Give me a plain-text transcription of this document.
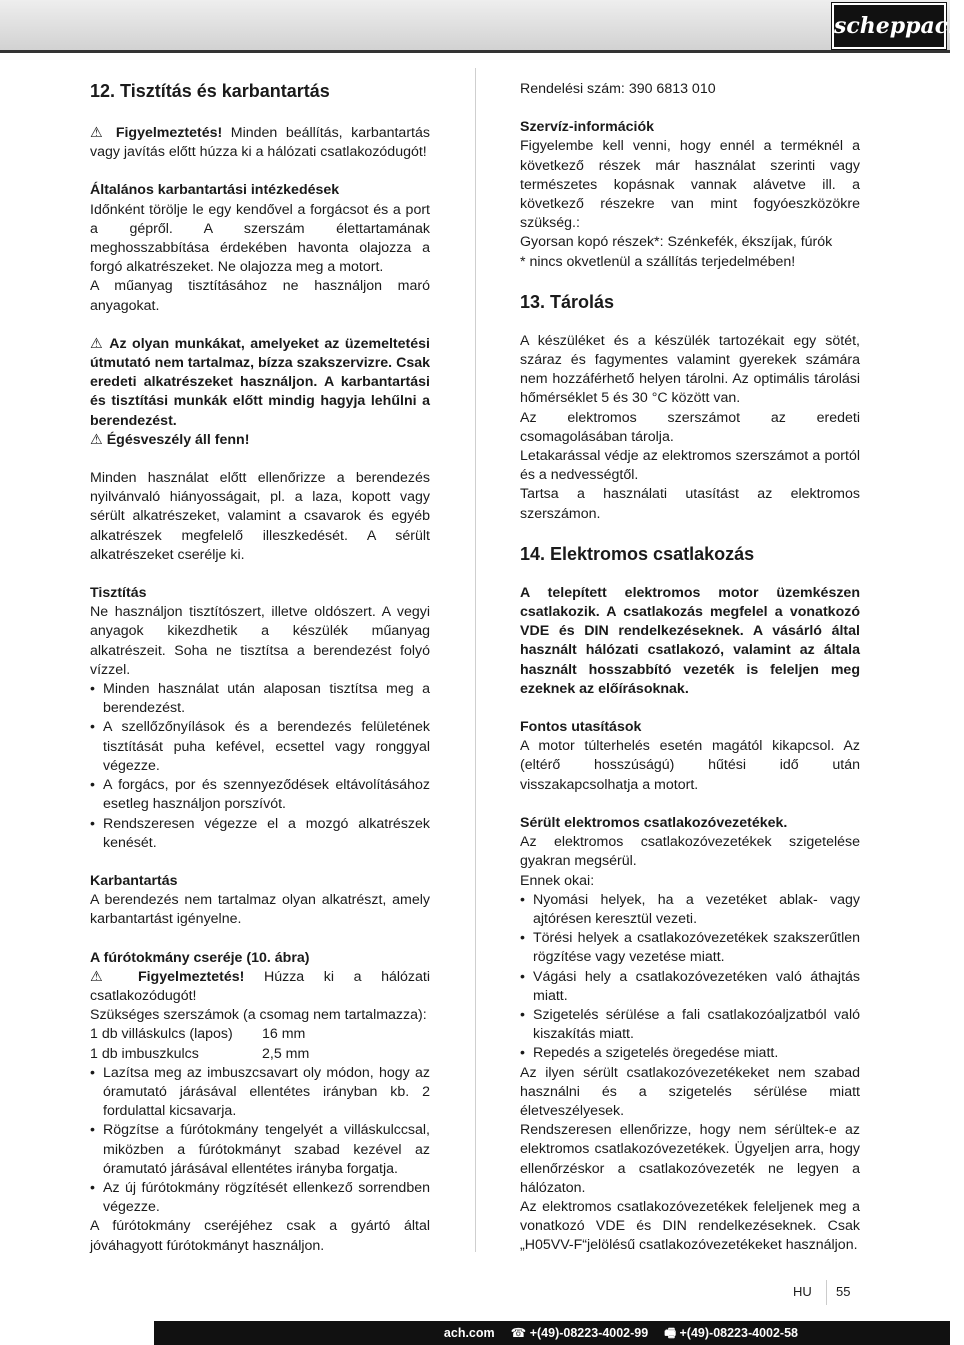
scheppach
12. Tisztítás és karbantartás

⚠ Figyelmeztetés! Minden beállítás, karbantartás vagy javítás előtt húzza ki a hálózati csatlakozódugót!

Általános karbantartási intézkedések

Időnként törölje le egy kendővel a forgácsot és a port a gépről. A szerszám élettartamának meghosszabbítása érdekében havonta olajozza a forgó alkatrészeket. Ne olajozza meg a motort.

A műanyag tisztításához ne használjon maró anyagokat.

⚠ Az olyan munkákat, amelyeket az üzemeltetési útmutató nem tartalmaz, bízza szakszervizre. Csak eredeti alkatrészeket használjon. A karbantartási és tisztítási munkák előtt mindig hagyja lehűlni a berendezést.

⚠ Égésveszély áll fenn!

Minden használat előtt ellenőrizze a berendezés nyilvánvaló hiányosságait, pl. a laza, kopott vagy sérült alkatrészeket, valamint a csavarok és egyéb alkatrészek megfelelő illeszkedését. A sérült alkatrészeket cserélje ki.

Tisztítás

Ne használjon tisztítószert, illetve oldószert. A vegyi anyagok kikezdhetik a készülék műanyag alkatrészeit. Soha ne tisztítsa a berendezést folyó vízzel.

• Minden használat után alaposan tisztítsa meg a berendezést.
• A szellőzőnyílások és a berendezés felületének tisztítását puha kefével, ecsettel vagy ronggyal végezze.
• A forgács, por és szennyeződések eltávolításához esetleg használjon porszívót.
• Rendszeresen végezze el a mozgó alkatrészek kenését.

Karbantartás

A berendezés nem tartalmaz olyan alkatrészt, amely karbantartást igényelne.

A fúrótokmány cseréje (10. ábra)

⚠ Figyelmeztetés! Húzza ki a hálózati csatlakozódugót!

Szükséges szerszámok (a csomag nem tartalmazza):

1 db villáskulcs (lapos)	16 mm
1 db imbuszkulcs	2,5 mm
• Lazítsa meg az imbuszcsavart oly módon, hogy az óramutató járásával ellentétes irányban kb. 2 fordulattal kicsavarja.
• Rögzítse a fúrótokmány tengelyét a villáskulccsal, miközben a fúrótokmányt szabad kezével az óramutató járásával ellentétes irányba forgatja.
• Az új fúrótokmány rögzítését ellenkező sorrendben végezze.

A fúrótokmány cseréjéhez csak a gyártó által jóváhagyott fúrótokmányt használjon.

Rendelési szám: 390 6813 010

Szervíz-információk

Figyelembe kell venni, hogy ennél a terméknél a következő részek már használat szerinti vagy természetes kopásnak vannak alávetve ill. a következő részekre van mint fogyóeszközökre szükség.:

Gyorsan kopó részek*: Szénkefék, ékszíjak, fúrók

* nincs okvetlenül a szállítás terjedelmében!

13. Tárolás

A készüléket és a készülék tartozékait egy sötét, száraz és fagymentes valamint gyerekek számára nem hozzáférhető helyen tárolni. Az optimális tárolási hőmérséklet 5 és 30 °C között van.

Az elektromos szerszámot az eredeti csomagolásában tárolja.

Letakarással védje az elektromos szerszámot a portól és a nedvességtől.

Tartsa a használati utasítást az elektromos szerszámon.

14. Elektromos csatlakozás

A telepített elektromos motor üzemkészen csatlakozik. A csatlakozás megfelel a vonatkozó VDE és DIN rendelkezéseknek. A vásárló által használt hálózati csatlakozó, valamint az általa használt hosszabbító vezeték is feleljen meg ezeknek az előírásoknak.

Fontos utasítások

A motor túlterhelés esetén magától kikapcsol. Az (eltérő hosszúságú) hűtési idő után visszakapcsolhatja a motort.

Sérült elektromos csatlakozóvezetékek.

Az elektromos csatlakozóvezetékek szigetelése gyakran megsérül.

Ennek okai:

• Nyomási helyek, ha a vezetéket ablak- vagy ajtórésen keresztül vezeti.
• Törési helyek a csatlakozóvezetékek szakszerűtlen rögzítése vagy vezetése miatt.
• Vágási hely a csatlakozóvezetéken való áthajtás miatt.
• Szigetelés sérülése a fali csatlakozóaljzatból való kiszakítás miatt.
• Repedés a szigetelés öregedése miatt.

Az ilyen sérült csatlakozóvezetékeket nem szabad használni és a szigetelés sérülése miatt életveszélyesek.

Rendszeresen ellenőrizze, hogy nem sérültek-e az elektromos csatlakozóvezetékek. Ügyeljen arra, hogy ellenőrzéskor a csatlakozóvezeték ne legyen a hálózaton.

Az elektromos csatlakozóvezetékek feleljenek meg a vonatkozó VDE és DIN rendelkezéseknek. Csak „H05VV-F“jelölésű csatlakozóvezetékeket használjon.

HU 55
ach.com ☎ +(49)-08223-4002-99 🖷 +(49)-08223-4002-58
